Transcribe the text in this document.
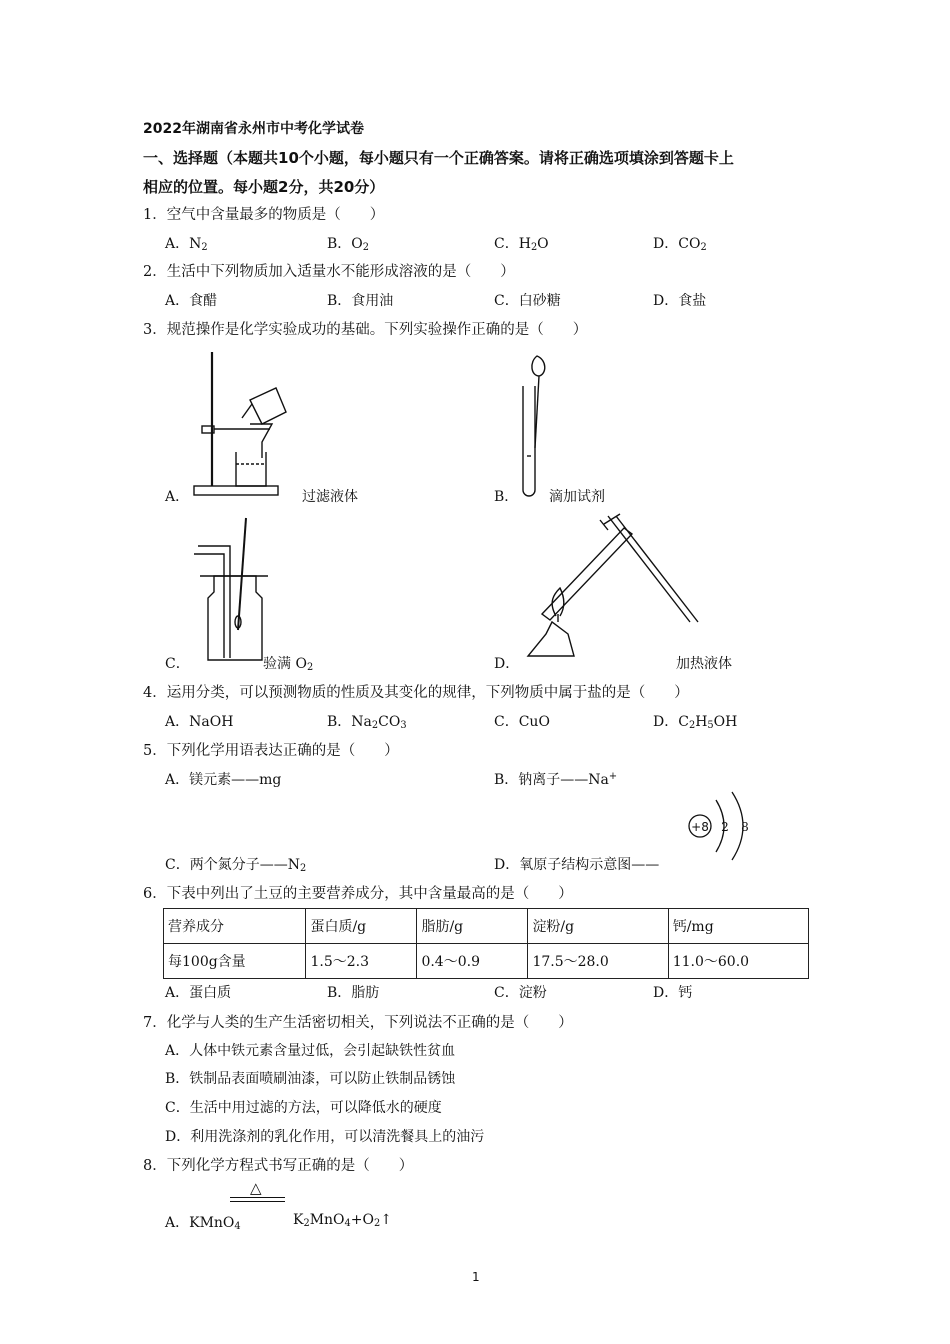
2022年湖南省永州市中考化学试卷
一、选择题（本题共10个小题，每小题只有一个正确答案。请将正确选项填涂到答题卡上
相应的位置。每小题2分，共20分）
1．空气中含量最多的物质是（　　）
A．$N_2$	B．$O_2$	C．$H_2O$	D．$CO_2$
2．生活中下列物质加入适量水不能形成溶液的是（　　）
A．食醋	B．食用油	C．白砂糖	D．食盐
3．规范操作是化学实验成功的基础。下列实验操作正确的是（　　）
A．	过滤液体	B． 滴加试剂
C．	验满 $O_2$	D．	加热液体
4．运用分类，可以预测物质的性质及其变化的规律，下列物质中属于盐的是（　　）
A．NaOH	B．$Na_2CO_3$	C．CuO	D．$C_2H_5OH$
5．下列化学用语表达正确的是（　　）
A．镁元素——mg	B．钠离子——Na+
C．两个氮分子$——N_2$	D．氧原子结构示意图——
+8 2 8
6．下表中列出了土豆的主要营养成分，其中含量最高的是（　　）
营养成分	蛋白质/g	脂肪/g	淀粉/g	钙/mg
每100g含量	1.5～2.3	0.4～0.9	17.5～28.0	11.0～60.0
A．蛋白质	B．脂肪	C．淀粉	D．钙
7．化学与人类的生产生活密切相关，下列说法不正确的是（　　）
A．人体中铁元素含量过低，会引起缺铁性贫血
B．铁制品表面喷刷油漆，可以防止铁制品锈蚀
C．生活中用过滤的方法，可以降低水的硬度
D．利用洗涤剂的乳化作用，可以清洗餐具上的油污
8．下列化学方程式书写正确的是（　　）
△
A．KMnO$_4$	$K_2MnO_4+O_2↑$
1
